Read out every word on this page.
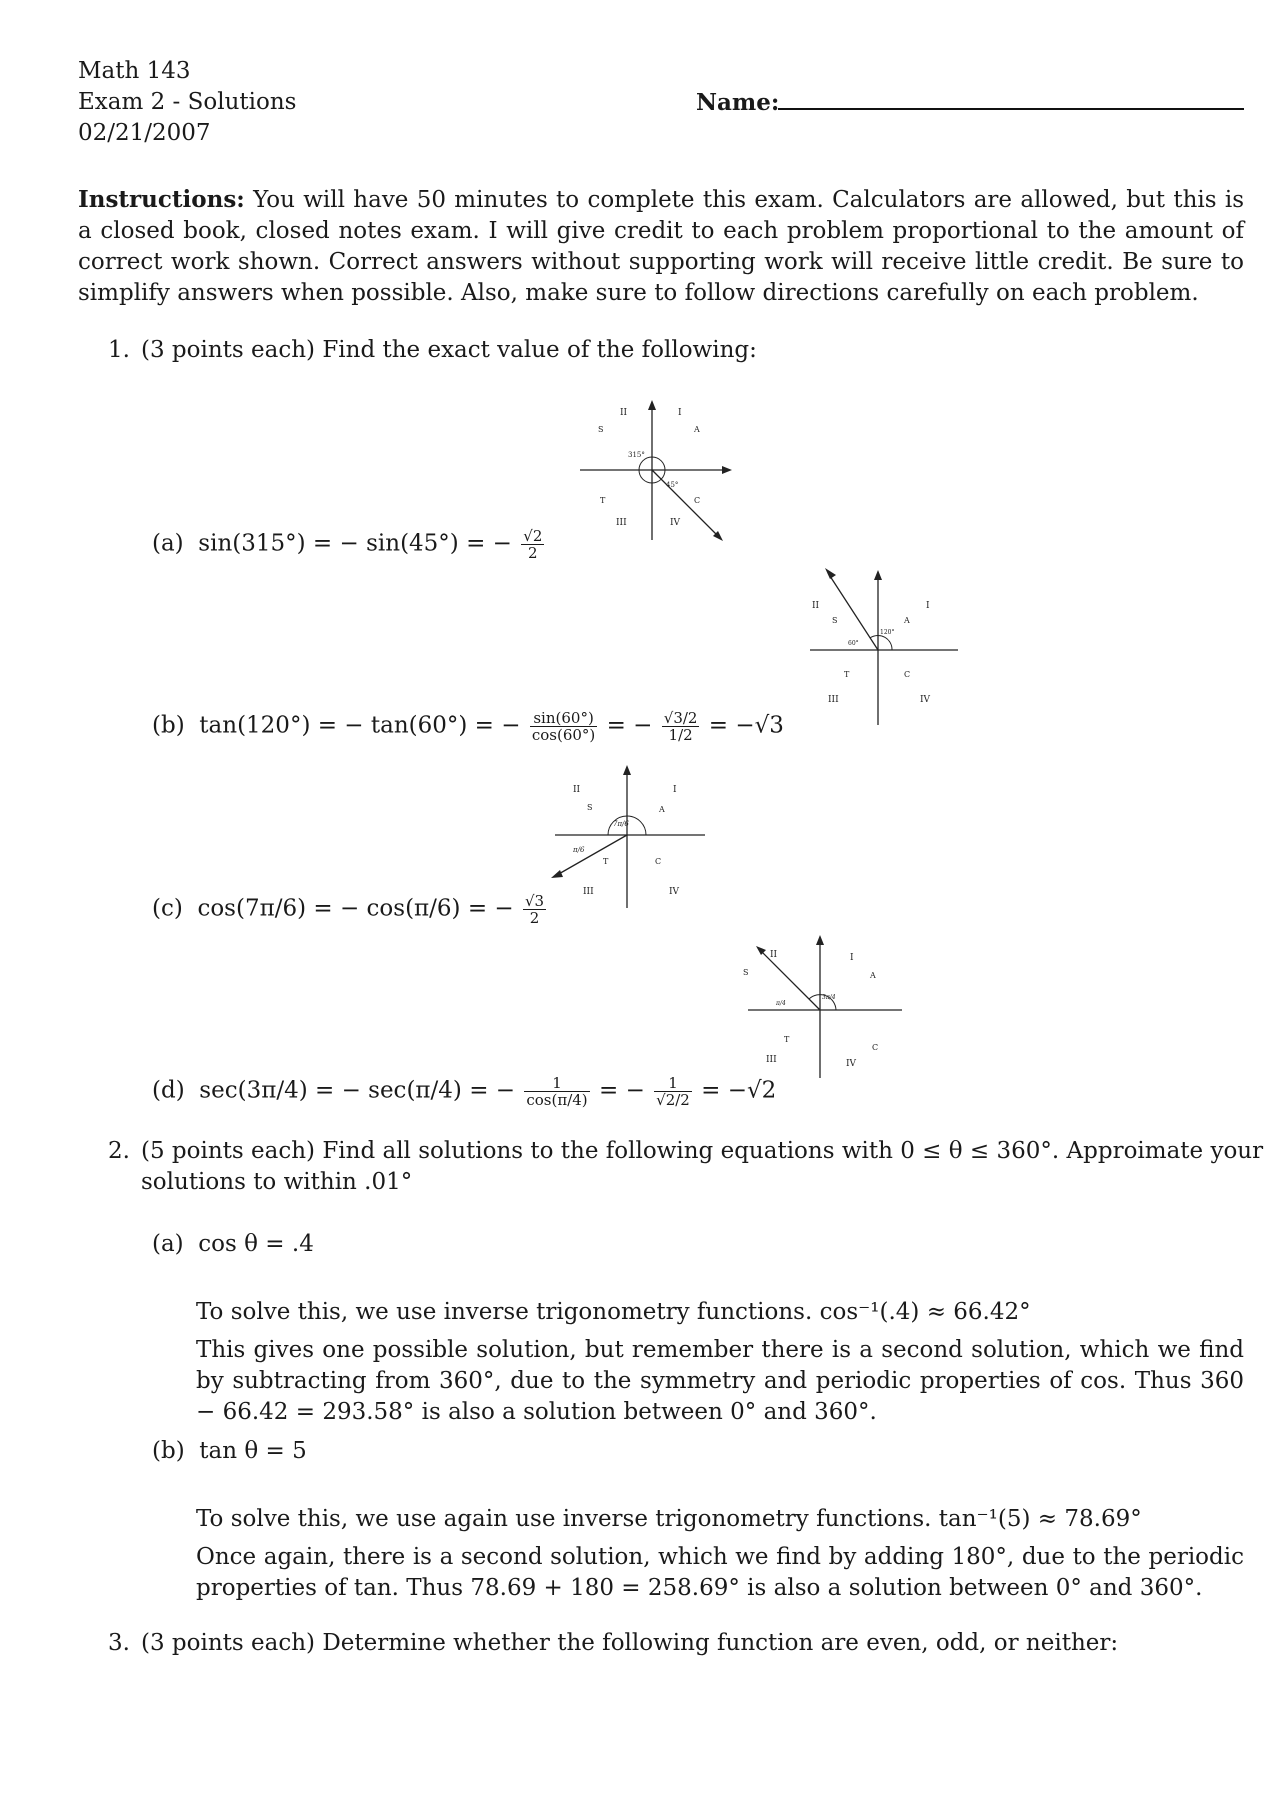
Math 143
Exam 2 - Solutions
02/21/2007
Name:
Instructions: You will have 50 minutes to complete this exam. Calculators are allowed, but this is a closed book, closed notes exam. I will give credit to each problem proportional to the amount of correct work shown. Correct answers without supporting work will receive little credit. Be sure to simplify answers when possible. Also, make sure to follow directions carefully on each problem.
1. (3 points each) Find the exact value of the following:
(a) sin(315°) = − sin(45°) = − $\frac{√2}{2}$
(b) tan(120°) = − tan(60°) = − $\frac{\sin(60^\circ)}{\cos(60^\circ)}$ = − $\frac{√3/2}{1/2} = -√3$
(c) cos(7π/6) = − cos(π/6) = − $\frac{√3}{2}$
(d) sec(3π/4) = − sec(π/4) = − $\frac{1}{\cos(\pi/4)}$ = − $\frac{1}{√2/2} = -√2$
315°
45°
I
II
III	IV
A
S
T	C
120°
60°
I
II
III	IV
A
S
T	C
7π/6
π/6
I
II
III	IV
A
S
T	C
3π/4
π/4
I
II
III	IV
A
S
T
C
2. (5 points each) Find all solutions to the following equations with 0 ≤ θ ≤ 360°. Approimate your
solutions to within .01°
(a) cos θ = .4
To solve this, we use inverse trigonometry functions. cos⁻¹(.4) ≈ 66.42°
This gives one possible solution, but remember there is a second solution, which we find by subtracting from 360°, due to the symmetry and periodic properties of cos. Thus 360 − 66.42 = 293.58° is also a solution between 0° and 360°.
(b) tan θ = 5
To solve this, we use again use inverse trigonometry functions. tan⁻¹(5) ≈ 78.69°
Once again, there is a second solution, which we find by adding 180°, due to the periodic properties of tan. Thus 78.69 + 180 = 258.69° is also a solution between 0° and 360°.
3. (3 points each) Determine whether the following function are even, odd, or neither:
